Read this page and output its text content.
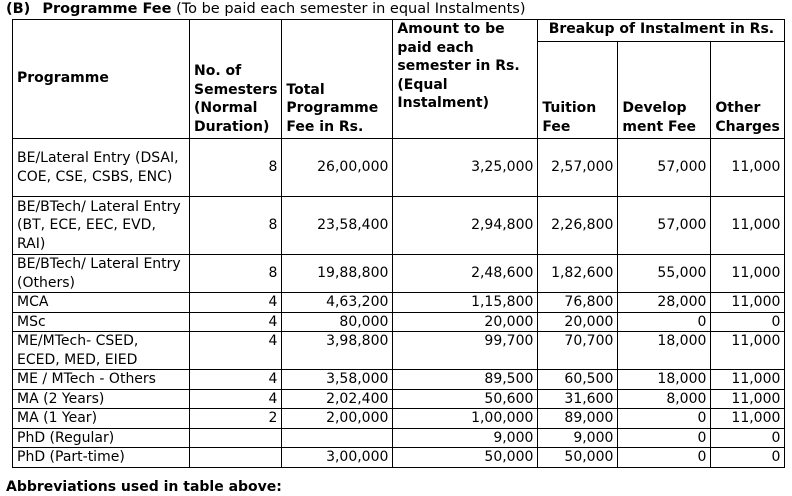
(B) Programme Fee (To be paid each semester in equal Instalments)
Programme	No. of Semesters (Normal Duration)	Total Programme Fee in Rs.	Amount to be paid each semester in Rs. (Equal Instalment)	Breakup of Instalment in Rs.		
				Tuition Fee	Develop ment Fee	Other Charges
BE/Lateral Entry (DSAI, COE, CSE, CSBS, ENC)	8	26,00,000	3,25,000	2,57,000	57,000	11,000
BE/BTech/ Lateral Entry (BT, ECE, EEC, EVD, RAI)	8	23,58,400	2,94,800	2,26,800	57,000	11,000
BE/BTech/ Lateral Entry (Others)	8	19,88,800	2,48,600	1,82,600	55,000	11,000
MCA	4	4,63,200	1,15,800	76,800	28,000	11,000
MSc	4	80,000	20,000	20,000	0	0
ME/MTech- CSED, ECED, MED, EIED	4	3,98,800	99,700	70,700	18,000	11,000
ME / MTech - Others	4	3,58,000	89,500	60,500	18,000	11,000
MA (2 Years)	4	2,02,400	50,600	31,600	8,000	11,000
MA (1 Year)	2	2,00,000	1,00,000	89,000	0	11,000
PhD (Regular)			9,000	9,000	0	0
PhD (Part-time)		3,00,000	50,000	50,000	0	0
Abbreviations used in table above:
